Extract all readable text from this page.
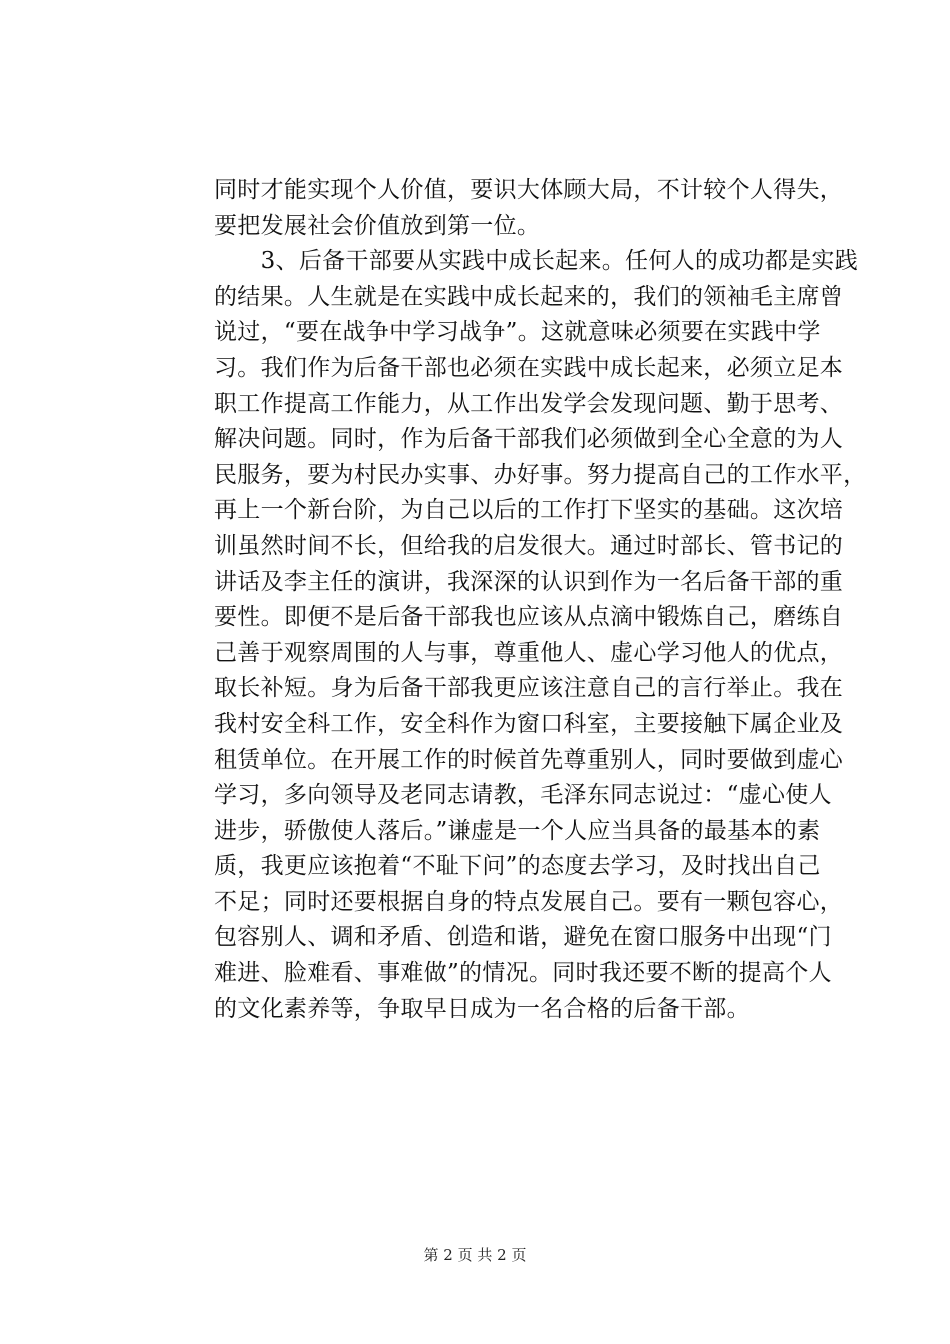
同时才能实现个人价值，要识大体顾大局，不计较个人得失，
要把发展社会价值放到第一位。
　　3、后备干部要从实践中成长起来。任何人的成功都是实践
的结果。人生就是在实践中成长起来的，我们的领袖毛主席曾
说过，“要在战争中学习战争”。这就意味必须要在实践中学
习。我们作为后备干部也必须在实践中成长起来，必须立足本
职工作提高工作能力，从工作出发学会发现问题、勤于思考、
解决问题。同时，作为后备干部我们必须做到全心全意的为人
民服务，要为村民办实事、办好事。努力提高自己的工作水平，
再上一个新台阶，为自己以后的工作打下坚实的基础。这次培
训虽然时间不长，但给我的启发很大。通过时部长、管书记的
讲话及李主任的演讲，我深深的认识到作为一名后备干部的重
要性。即便不是后备干部我也应该从点滴中锻炼自己，磨练自
己善于观察周围的人与事，尊重他人、虚心学习他人的优点，
取长补短。身为后备干部我更应该注意自己的言行举止。我在
我村安全科工作，安全科作为窗口科室，主要接触下属企业及
租赁单位。在开展工作的时候首先尊重别人，同时要做到虚心
学习，多向领导及老同志请教，毛泽东同志说过：“虚心使人
进步，骄傲使人落后。”谦虚是一个人应当具备的最基本的素
质，我更应该抱着“不耻下问”的态度去学习，及时找出自己
不足；同时还要根据自身的特点发展自己。要有一颗包容心，
包容别人、调和矛盾、创造和谐，避免在窗口服务中出现“门
难进、脸难看、事难做”的情况。同时我还要不断的提高个人
的文化素养等，争取早日成为一名合格的后备干部。
第 2 页 共 2 页
